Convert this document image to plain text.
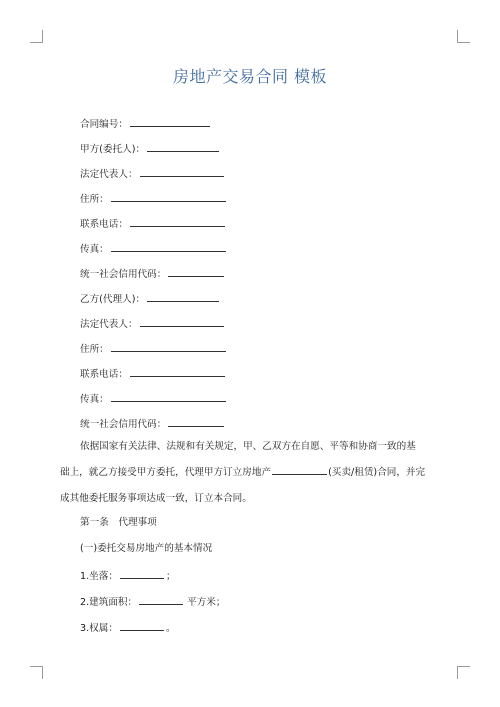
房地产交易合同 模板
合同编号：
甲方(委托人)：
法定代表人：
住所：
联系电话：
传真：
统一社会信用代码：
乙方(代理人)：
法定代表人：
住所：
联系电话：
传真：
统一社会信用代码：
依据国家有关法律、法规和有关规定，甲、乙双方在自愿、平等和协商一致的基
础上，就乙方接受甲方委托，代理甲方订立房地产	(买卖/租赁)合同，并完
成其他委托服务事项达成一致，订立本合同。
第一条　代理事项
(一)委托交易房地产的基本情况
1.坐落：	；
2.建筑面积：	平方米；
3.权属：	。
